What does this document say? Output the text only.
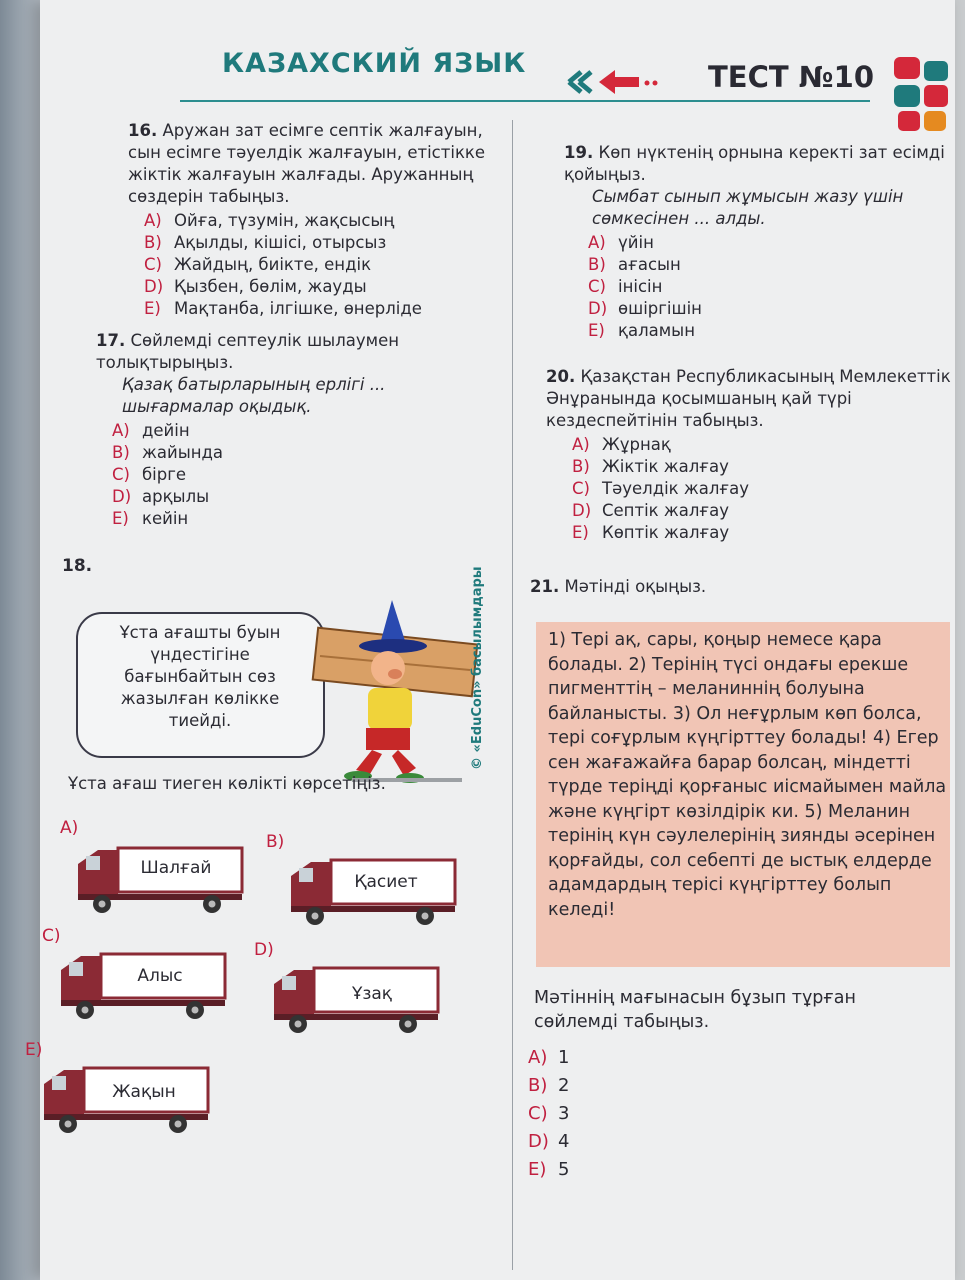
КАЗАХСКИЙ ЯЗЫК	ТЕСТ №10
16. Аружан зат есімге септік жалғауын, сын есімге тәуелдік жалғауын, етістікке жіктік жалғауын жалғады. Аружанның сөздерін табыңыз.
A) Ойға, түзумін, жақсысың
B) Ақылды, кішісі, отырсыз
C) Жайдың, биікте, ендік
D) Қызбен, бөлім, жауды
E) Мақтанба, ілгішке, өнерліде
17. Сөйлемді септеулік шылаумен толықтырыңыз.
Қазақ батырларының ерлігі ... шығармалар оқыдық.
A) дейін
B) жайында
C) бірге
D) арқылы
E) кейін
18.
Ұста ағашты буын үндестігіне бағынбайтын сөз жазылған көлікке тиейді.
Ұста ағаш тиеген көлікті көрсетіңіз.
A)
Шалғай
B)
Қасиет
C)
Алыс
D)
Ұзақ
E)
Жақын
© «EduCon» басылымдары
19. Көп нүктенің орнына керекті зат есімді қойыңыз.
Сымбат сынып жұмысын жазу үшін сөмкесінен ... алды.
A) үйін
B) ағасын
C) інісін
D) өшіргішін
E) қаламын
20. Қазақстан Республикасының Мемлекеттік Әнұранында қосымшаның қай түрі кездеспейтінін табыңыз.
A) Жұрнақ
B) Жіктік жалғау
C) Тәуелдік жалғау
D) Септік жалғау
E) Көптік жалғау
21. Мәтінді оқыңыз.
1) Тері ақ, сары, қоңыр немесе қара болады. 2) Терінің түсі ондағы ерекше пигменттің – меланиннің болуына байланысты. 3) Ол неғұрлым көп болса, тері соғұрлым күңгірттеу болады! 4) Егер сен жағажайға барар болсаң, міндетті түрде теріңді қорғаныс иісмайымен майла және күңгірт көзілдірік ки. 5) Меланин терінің күн сәулелерінің зиянды әсерінен қорғайды, сол себепті де ыстық елдерде адамдардың терісі күңгірттеу болып келеді!
Мәтіннің мағынасын бұзып тұрған сөйлемді табыңыз.
A) 1
B) 2
C) 3
D) 4
E) 5
